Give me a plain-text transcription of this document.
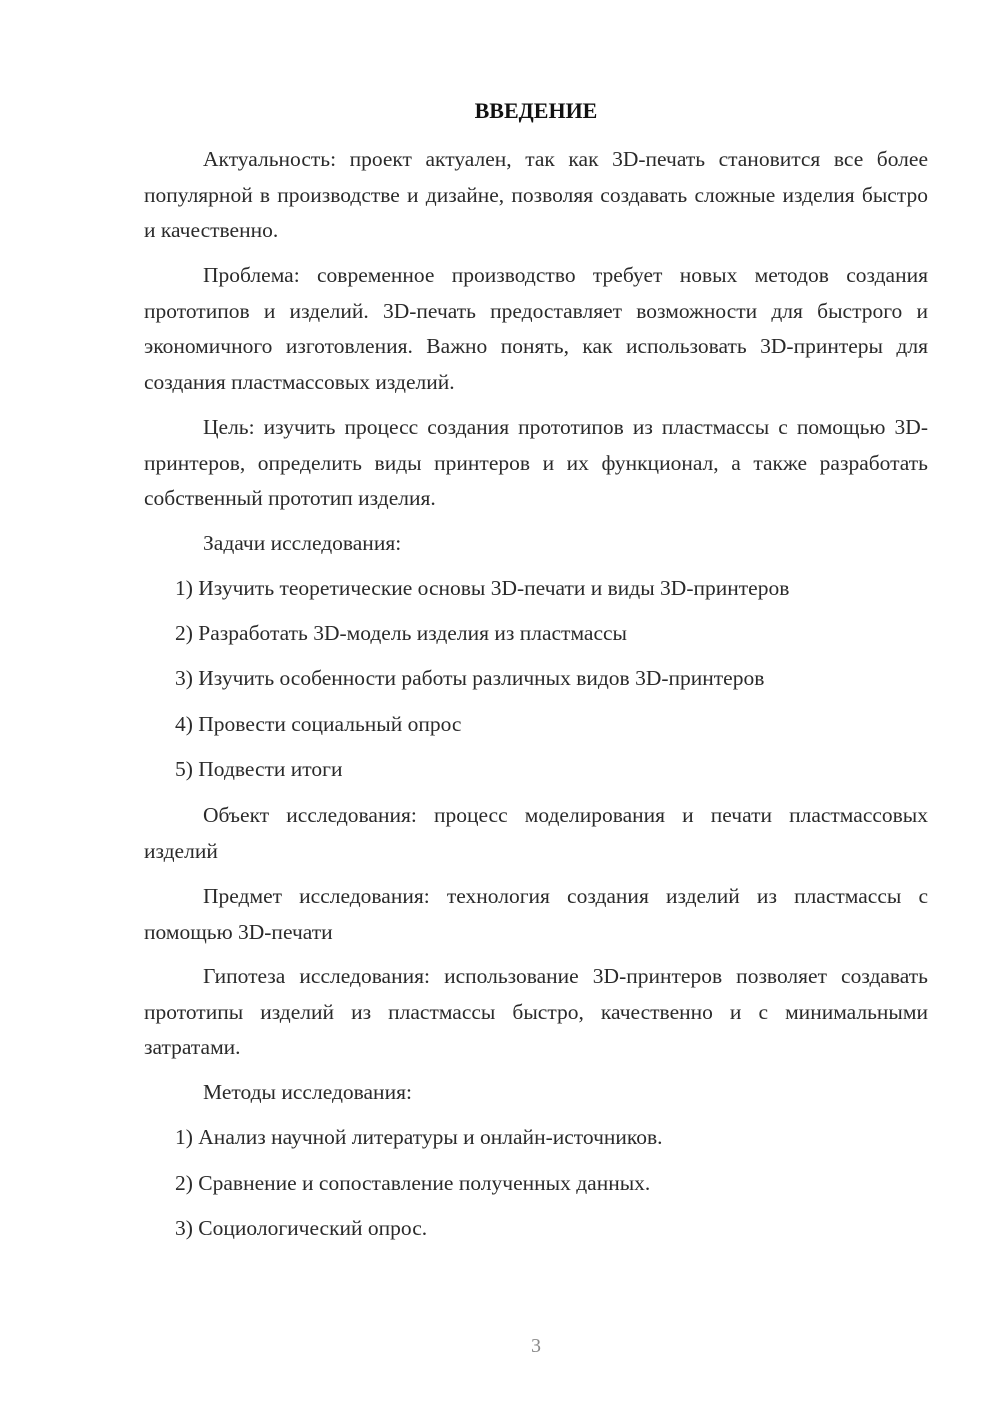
ВВЕДЕНИЕ

Актуальность: проект актуален, так как 3D-печать становится все более популярной в производстве и дизайне, позволяя создавать сложные изделия быстро и качественно.

Проблема: современное производство требует новых методов создания прототипов и изделий. 3D-печать предоставляет возможности для быстрого и экономичного изготовления. Важно понять, как использовать 3D-принтеры для создания пластмассовых изделий.

Цель: изучить процесс создания прототипов из пластмассы с помощью 3D-принтеров, определить виды принтеров и их функционал, а также разработать собственный прототип изделия.

Задачи исследования:
1) Изучить теоретические основы 3D-печати и виды 3D-принтеров
2) Разработать 3D-модель изделия из пластмассы
3) Изучить особенности работы различных видов 3D-принтеров
4) Провести социальный опрос
5) Подвести итоги

Объект исследования: процесс моделирования и печати пластмассовых изделий

Предмет исследования: технология создания изделий из пластмассы с помощью 3D-печати

Гипотеза исследования: использование 3D-принтеров позволяет создавать прототипы изделий из пластмассы быстро, качественно и с минимальными затратами.

Методы исследования:
1) Анализ научной литературы и онлайн-источников.
2) Сравнение и сопоставление полученных данных.
3) Социологический опрос.
3
